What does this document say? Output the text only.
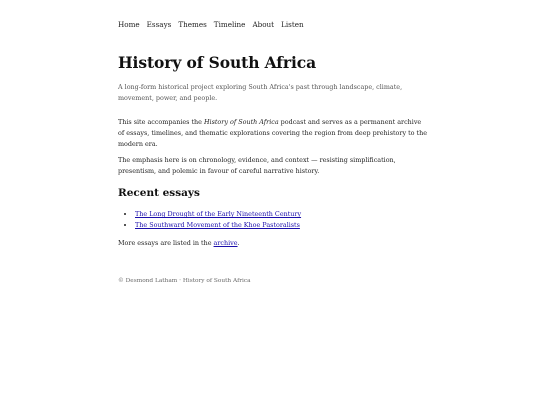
Home Essays Themes Timeline About Listen
History of South Africa

A long-form historical project exploring South Africa's past through landscape, climate, movement, power, and people.

This site accompanies the History of South Africa podcast and serves as a permanent archive of essays, timelines, and thematic explorations covering the region from deep prehistory to the modern era.

The emphasis here is on chronology, evidence, and context — resisting simplification, presentism, and polemic in favour of careful narrative history.

Recent essays
• The Long Drought of the Early Nineteenth Century
• The Southward Movement of the Khoe Pastoralists

More essays are listed in the archive.

© Desmond Latham · History of South Africa
